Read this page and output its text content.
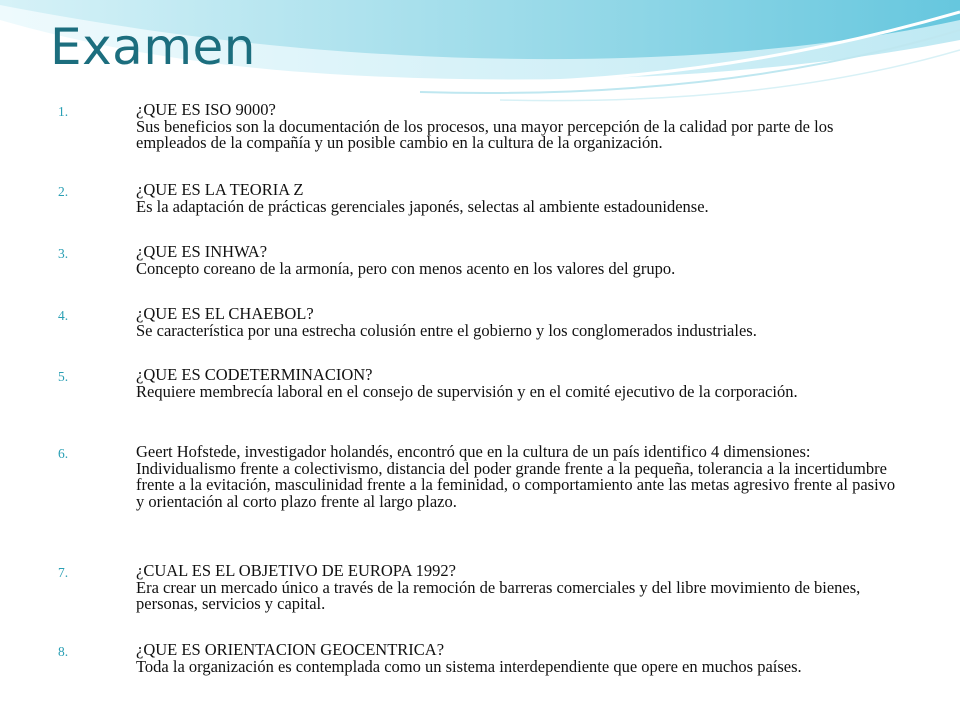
Examen
1.	¿QUE ES ISO 9000?
Sus beneficios son la documentación de los procesos, una mayor percepción de la calidad por parte de los empleados de la compañía y un posible cambio en la cultura de la organización.
2.	¿QUE ES LA TEORIA Z
Es la adaptación de prácticas gerenciales japonés, selectas al ambiente estadounidense.
3.	¿QUE ES INHWA?
Concepto coreano de la armonía, pero con menos acento en los valores del grupo.
4.	¿QUE ES EL CHAEBOL?
Se característica por una estrecha colusión entre el gobierno y los conglomerados industriales.
5.	¿QUE ES CODETERMINACION?
Requiere membrecía laboral en el consejo de supervisión y en el comité ejecutivo de la corporación.
6.	Geert Hofstede, investigador holandés, encontró que en la cultura de un país identifico 4 dimensiones:
Individualismo frente a colectivismo, distancia del poder grande frente a la pequeña, tolerancia a la incertidumbre frente a la evitación, masculinidad frente a la feminidad, o comportamiento ante las metas agresivo frente al pasivo y orientación al corto plazo frente al largo plazo.
7.	¿CUAL ES EL OBJETIVO DE EUROPA 1992?
Era crear un mercado único a través de la remoción de barreras comerciales y del libre movimiento de bienes, personas, servicios y capital.
8.	¿QUE ES ORIENTACION GEOCENTRICA?
Toda la organización es contemplada como un sistema interdependiente que opere en muchos países.
